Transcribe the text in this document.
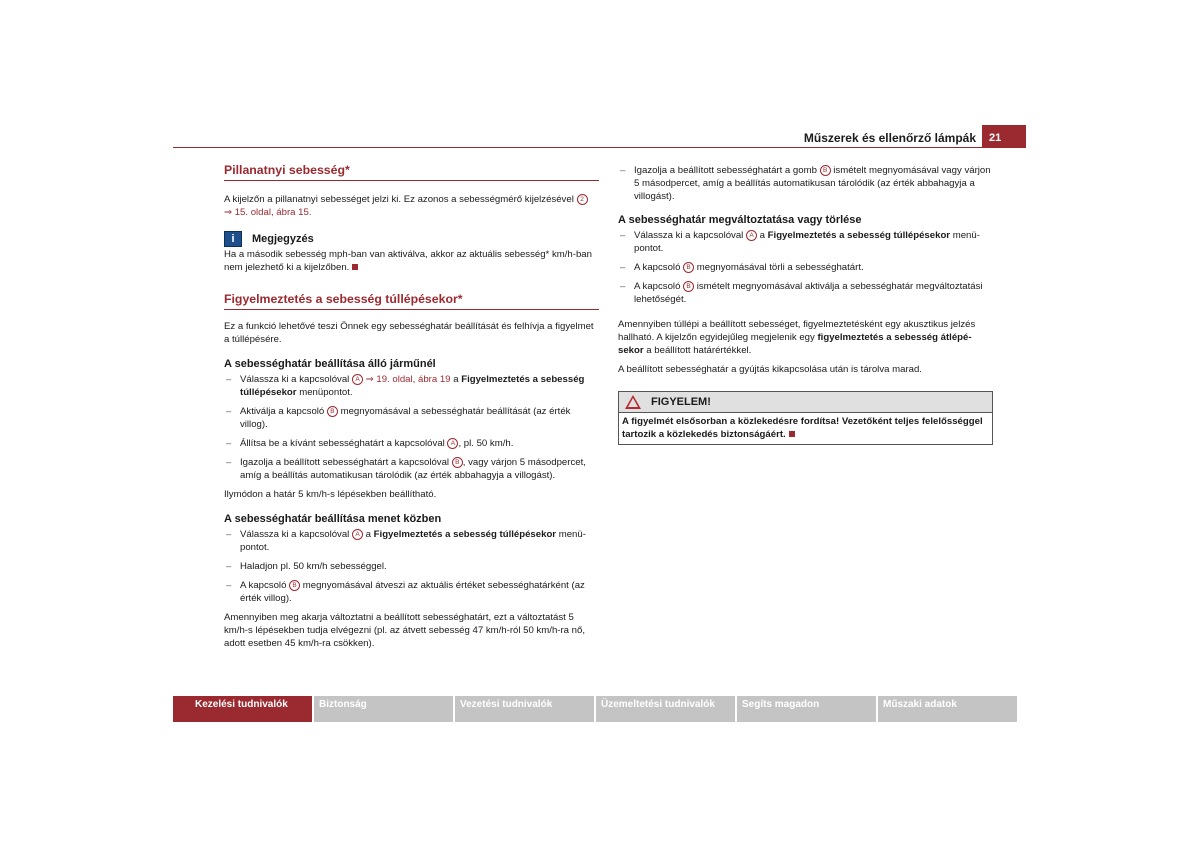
Műszerek és ellenőrző lámpák	21
Pillanatnyi sebesség*

A kijelzőn a pillanatnyi sebességet jelzi ki. Ez azonos a sebességmérő kijelzésével 2
⇒ 15. oldal, ábra 15.

i	Megjegyzés

Ha a második sebesség mph-ban van aktiválva, akkor az aktuális sebesség* km/h-ban nem jelezhető ki a kijelzőben.

Figyelmeztetés a sebesség túllépésekor*

Ez a funkció lehetővé teszi Önnek egy sebességhatár beállítását és felhívja a figyelmet a túllépésére.

A sebességhatár beállítása álló járműnél
– Válassza ki a kapcsolóval A ⇒ 19. oldal, ábra 19 a Figyelmeztetés a sebesség túllépésekor menüpontot.
– Aktiválja a kapcsoló B megnyomásával a sebességhatár beállítását (az érték villog).
– Állítsa be a kívánt sebességhatárt a kapcsolóval A , pl. 50 km/h.
– Igazolja a beállított sebességhatárt a kapcsolóval B , vagy várjon 5 másodpercet, amíg a beállítás automatikusan tárolódik (az érték abbahagyja a villogást).

Ilymódon a határ 5 km/h-s lépésekben beállítható.

A sebességhatár beállítása menet közben
– Válassza ki a kapcsolóval A a Figyelmeztetés a sebesség túllépésekor menü-pontot.
– Haladjon pl. 50 km/h sebességgel.
– A kapcsoló B megnyomásával átveszi az aktuális értéket sebességhatárként (az érték villog).

Amennyiben meg akarja változtatni a beállított sebességhatárt, ezt a változtatást 5 km/h-s lépésekben tudja elvégezni (pl. az átvett sebesség 47 km/h-ról 50 km/h-ra nő, adott esetben 45 km/h-ra csökken).

– Igazolja a beállított sebességhatárt a gomb B ismételt megnyomásával vagy várjon 5 másodpercet, amíg a beállítás automatikusan tárolódik (az érték abbahagyja a villogást).
A sebességhatár megváltoztatása vagy törlése
– Válassza ki a kapcsolóval A a Figyelmeztetés a sebesség túllépésekor menü-pontot.
– A kapcsoló B megnyomásával törli a sebességhatárt.
– A kapcsoló B ismételt megnyomásával aktiválja a sebességhatár megváltoztatási lehetőségét.

Amennyiben túllépi a beállított sebességet, figyelmeztetésként egy akusztikus jelzés hallható. A kijelzőn egyidejűleg megjelenik egy figyelmeztetés a sebesség átlépé-sekor a beállított határértékkel.

A beállított sebességhatár a gyújtás kikapcsolása után is tárolva marad.

FIGYELEM!
A figyelmét elsősorban a közlekedésre fordítsa! Vezetőként teljes felelősséggel tartozik a közlekedés biztonságáért.
Kezelési tudnivalók	Biztonság	Vezetési tudnivalók	Üzemeltetési tudnivalók	Segíts magadon	Műszaki adatok
